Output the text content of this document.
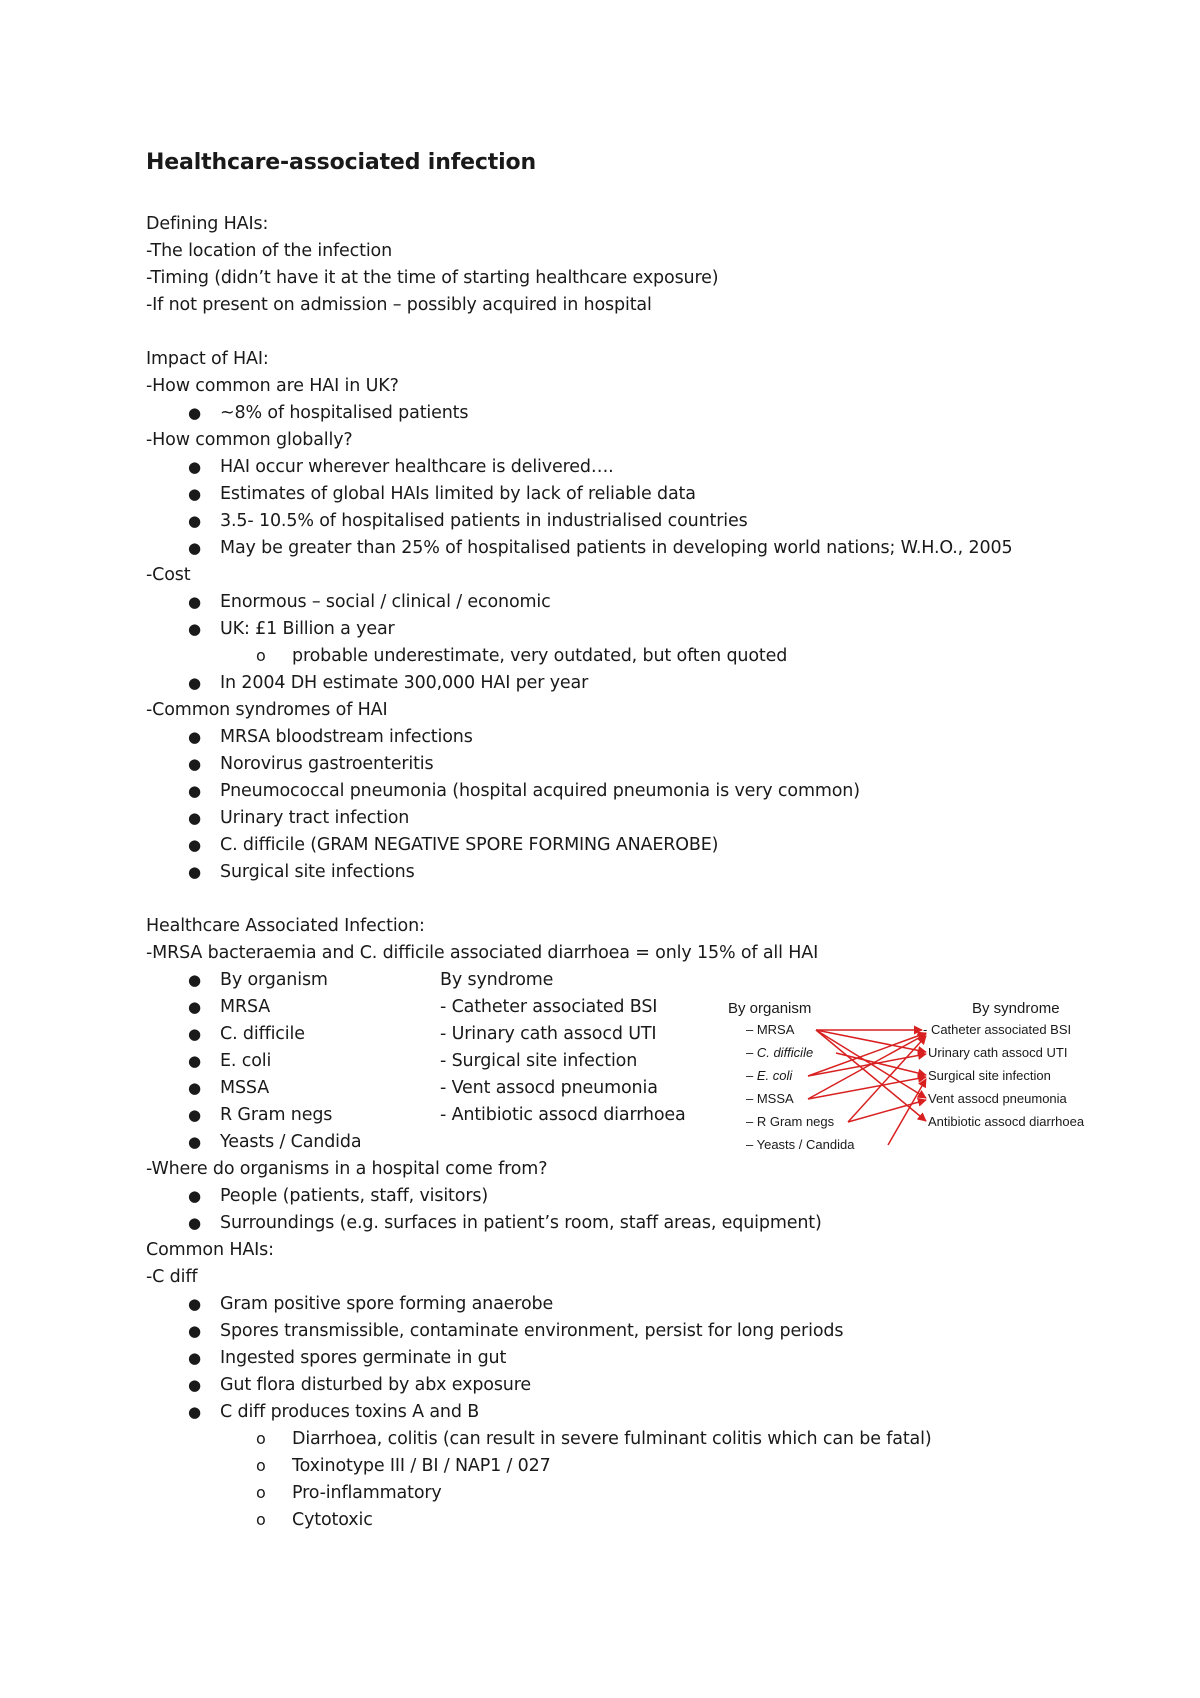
Healthcare-associated infection
Defining HAIs:
-The location of the infection
-Timing (didn’t have it at the time of starting healthcare exposure)
-If not present on admission – possibly acquired in hospital
Impact of HAI:
-How common are HAI in UK?
● ~8% of hospitalised patients
-How common globally?
● HAI occur wherever healthcare is delivered….
● Estimates of global HAIs limited by lack of reliable data
● 3.5- 10.5% of hospitalised patients in industrialised countries
● May be greater than 25% of hospitalised patients in developing world nations; W.H.O., 2005
-Cost
● Enormous – social / clinical / economic
● UK: £1 Billion a year
o probable underestimate, very outdated, but often quoted
● In 2004 DH estimate 300,000 HAI per year
-Common syndromes of HAI
● MRSA bloodstream infections
● Norovirus gastroenteritis
● Pneumococcal pneumonia (hospital acquired pneumonia is very common)
● Urinary tract infection
● C. difficile (GRAM NEGATIVE SPORE FORMING ANAEROBE)
● Surgical site infections
Healthcare Associated Infection:
-MRSA bacteraemia and C. difficile associated diarrhoea = only 15% of all HAI
● By organism	By syndrome
● MRSA	- Catheter associated BSI
● C. difficile	- Urinary cath assocd UTI
● E. coli	- Surgical site infection
● MSSA	- Vent assocd pneumonia
● R Gram negs	- Antibiotic assocd diarrhoea
● Yeasts / Candida
-Where do organisms in a hospital come from?
● People (patients, staff, visitors)
● Surroundings (e.g. surfaces in patient’s room, staff areas, equipment)
Common HAIs:
-C diff
● Gram positive spore forming anaerobe
● Spores transmissible, contaminate environment, persist for long periods
● Ingested spores germinate in gut
● Gut flora disturbed by abx exposure
● C diff produces toxins A and B
o Diarrhoea, colitis (can result in severe fulminant colitis which can be fatal)
o Toxinotype III / BI / NAP1 / 027
o Pro-inflammatory
o Cytotoxic
By organism	By syndrome
– MRSA
– C. difficile
– E. coli
– MSSA
– R Gram negs
– Yeasts / Candida
- Catheter associated BSI
Urinary cath assocd UTI
Surgical site infection
Vent assocd pneumonia
Antibiotic assocd diarrhoea
